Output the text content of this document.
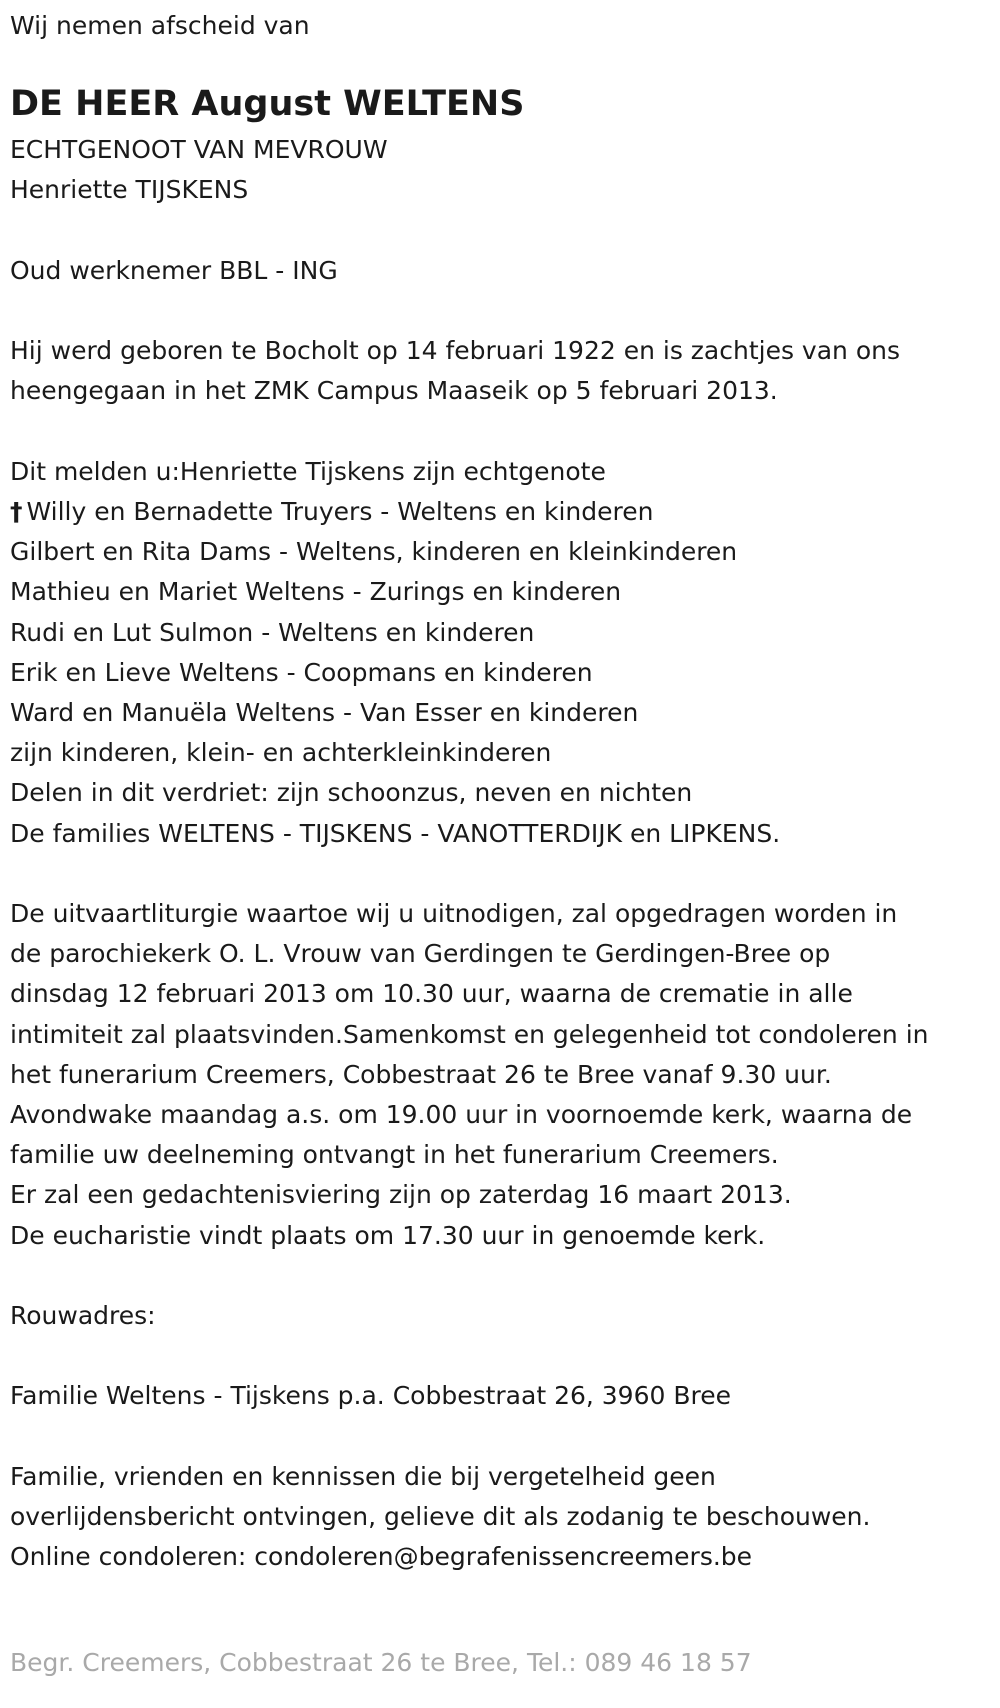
Wij nemen afscheid van

DE HEER August WELTENS

ECHTGENOOT VAN MEVROUW

Henriette TIJSKENS

Oud werknemer BBL - ING

Hij werd geboren te Bocholt op 14 februari 1922 en is zachtjes van ons

heengegaan in het ZMK Campus Maaseik op 5 februari 2013.

Dit melden u:Henriette Tijskens zijn echtgenote

† Willy en Bernadette Truyers - Weltens en kinderen

Gilbert en Rita Dams - Weltens, kinderen en kleinkinderen

Mathieu en Mariet Weltens - Zurings en kinderen

Rudi en Lut Sulmon - Weltens en kinderen

Erik en Lieve Weltens - Coopmans en kinderen

Ward en Manuëla Weltens - Van Esser en kinderen

zijn kinderen, klein- en achterkleinkinderen

Delen in dit verdriet: zijn schoonzus, neven en nichten

De families WELTENS - TIJSKENS - VANOTTERDIJK en LIPKENS.

De uitvaartliturgie waartoe wij u uitnodigen, zal opgedragen worden in

de parochiekerk O. L. Vrouw van Gerdingen te Gerdingen-Bree op

dinsdag 12 februari 2013 om 10.30 uur, waarna de crematie in alle

intimiteit zal plaatsvinden.Samenkomst en gelegenheid tot condoleren in

het funerarium Creemers, Cobbestraat 26 te Bree vanaf 9.30 uur.

Avondwake maandag a.s. om 19.00 uur in voornoemde kerk, waarna de

familie uw deelneming ontvangt in het funerarium Creemers.

Er zal een gedachtenisviering zijn op zaterdag 16 maart 2013.

De eucharistie vindt plaats om 17.30 uur in genoemde kerk.

Rouwadres:

Familie Weltens - Tijskens p.a. Cobbestraat 26, 3960 Bree

Familie, vrienden en kennissen die bij vergetelheid geen

overlijdensbericht ontvingen, gelieve dit als zodanig te beschouwen.

Online condoleren: condoleren@begrafenissencreemers.be

Begr. Creemers, Cobbestraat 26 te Bree, Tel.: 089 46 18 57
